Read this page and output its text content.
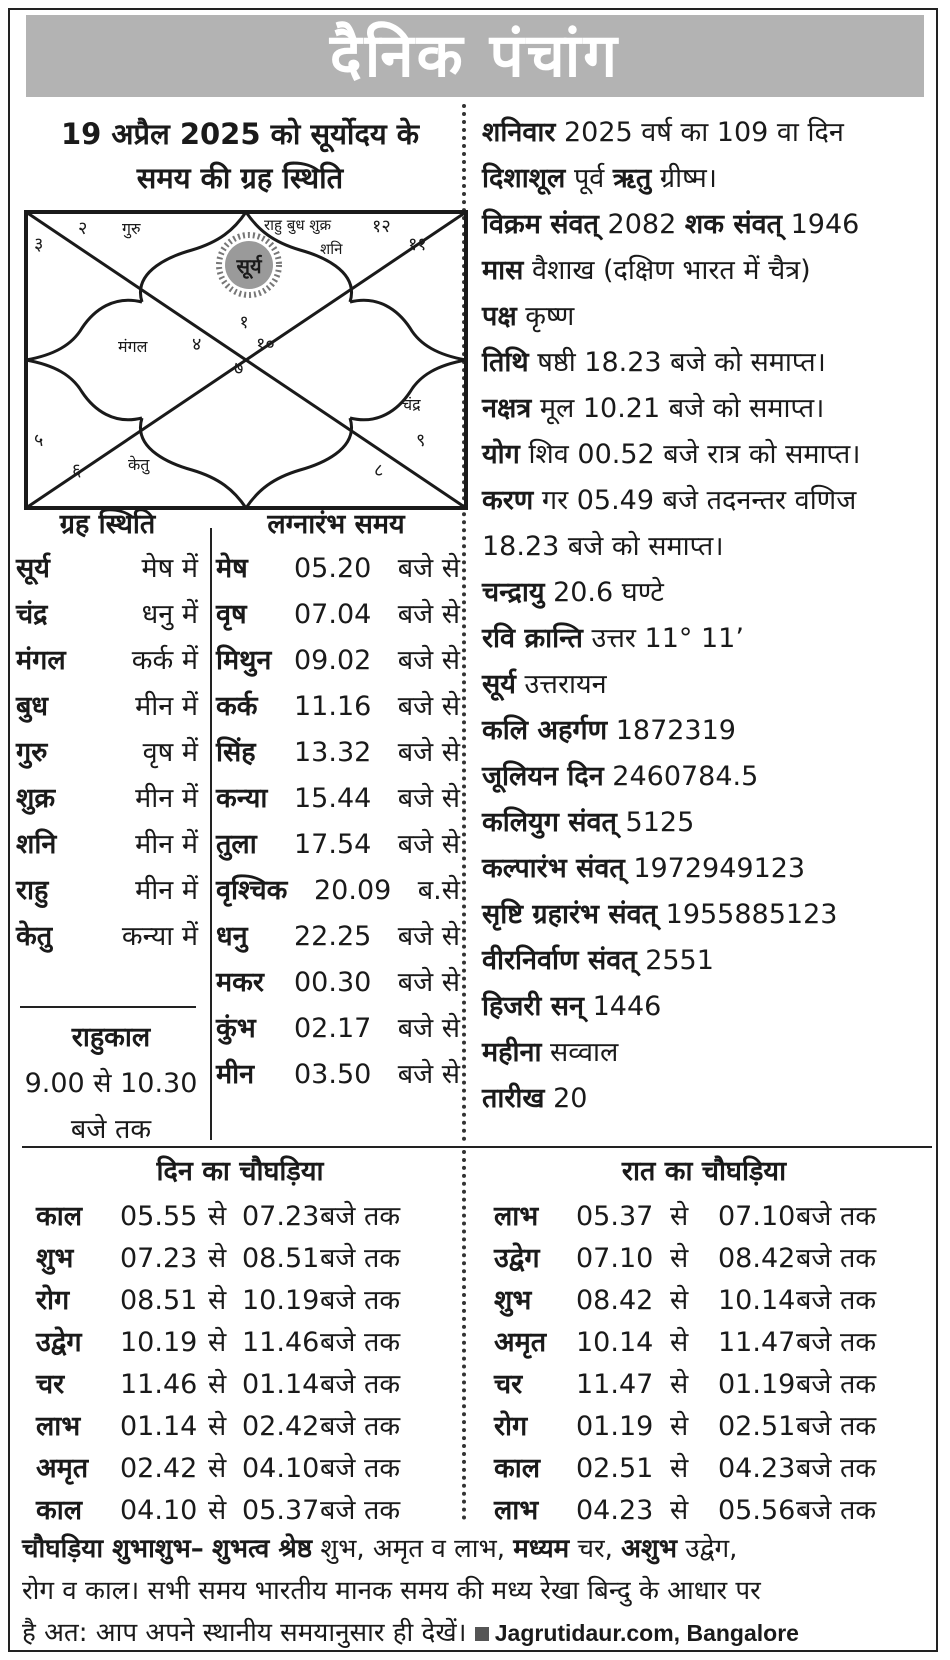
दैनिक पंचांग
19 अप्रैल 2025 को सूर्योदय के
समय की ग्रह स्थिति
सूर्य
१
२
३
४
५
६
७
८
९
१०
११
१२
गुरु	राहु बुध शुक्र
शनि
मंगल
केतु
चंद्र
ग्रह स्थिति
सूर्य	मेष में
चंद्र	धनु में
मंगल कर्क में
बुध	मीन में
गुरु	वृष में
शुक्र	मीन में
शनि	मीन में
राहु	मीन में
केतु	कन्या में
राहुकाल
9.00 से 10.30
बजे तक
लग्नारंभ समय
मेष 05.20 बजे से
वृष 07.04 बजे से
मिथुन 09.02 बजे से
कर्क 11.16 बजे से
सिंह 13.32 बजे से
कन्या 15.44 बजे से
तुला 17.54 बजे से
वृश्चिक 20.09 ब.से
धनु 22.25 बजे से
मकर 00.30 बजे से
कुंभ 02.17 बजे से
मीन 03.50 बजे से
शनिवार 2025 वर्ष का 109 वा दिन
दिशाशूल पूर्व ऋतु ग्रीष्म।
विक्रम संवत् 2082 शक संवत् 1946
मास वैशाख (दक्षिण भारत में चैत्र)
पक्ष कृष्ण
तिथि षष्ठी 18.23 बजे को समाप्त।
नक्षत्र मूल 10.21 बजे को समाप्त।
योग शिव 00.52 बजे रात्र को समाप्त।
करण गर 05.49 बजे तदनन्तर वणिज
18.23 बजे को समाप्त।
चन्द्रायु 20.6 घण्टे
रवि क्रान्ति उत्तर 11° 11’
सूर्य उत्तरायन
कलि अहर्गण 1872319
जूलियन दिन 2460784.5
कलियुग संवत् 5125
कल्पारंभ संवत् 1972949123
सृष्टि ग्रहारंभ संवत् 1955885123
वीरनिर्वाण संवत् 2551
हिजरी सन् 1446
महीना सव्वाल
तारीख 20
दिन का चौघड़िया
काल 05.55 से 07.23 बजे तक
शुभ 07.23 से 08.51 बजे तक
रोग 08.51 से 10.19 बजे तक
उद्वेग 10.19 से 11.46 बजे तक
चर 11.46 से 01.14 बजे तक
लाभ 01.14 से 02.42 बजे तक
अमृत 02.42 से 04.10 बजे तक
काल 04.10 से 05.37 बजे तक
रात का चौघड़िया
लाभ 05.37 से 07.10 बजे तक
उद्वेग 07.10 से 08.42 बजे तक
शुभ 08.42 से 10.14 बजे तक
अमृत 10.14 से 11.47 बजे तक
चर 11.47 से 01.19 बजे तक
रोग 01.19 से 02.51 बजे तक
काल 02.51 से 04.23 बजे तक
लाभ 04.23 से 05.56 बजे तक
चौघड़िया शुभाशुभ– शुभत्व श्रेष्ठ शुभ, अमृत व लाभ, मध्यम चर, अशुभ उद्वेग,
रोग व काल। सभी समय भारतीय मानक समय की मध्य रेखा बिन्दु के आधार पर
है अत: आप अपने स्थानीय समयानुसार ही देखें। Jagrutidaur.com, Bangalore
